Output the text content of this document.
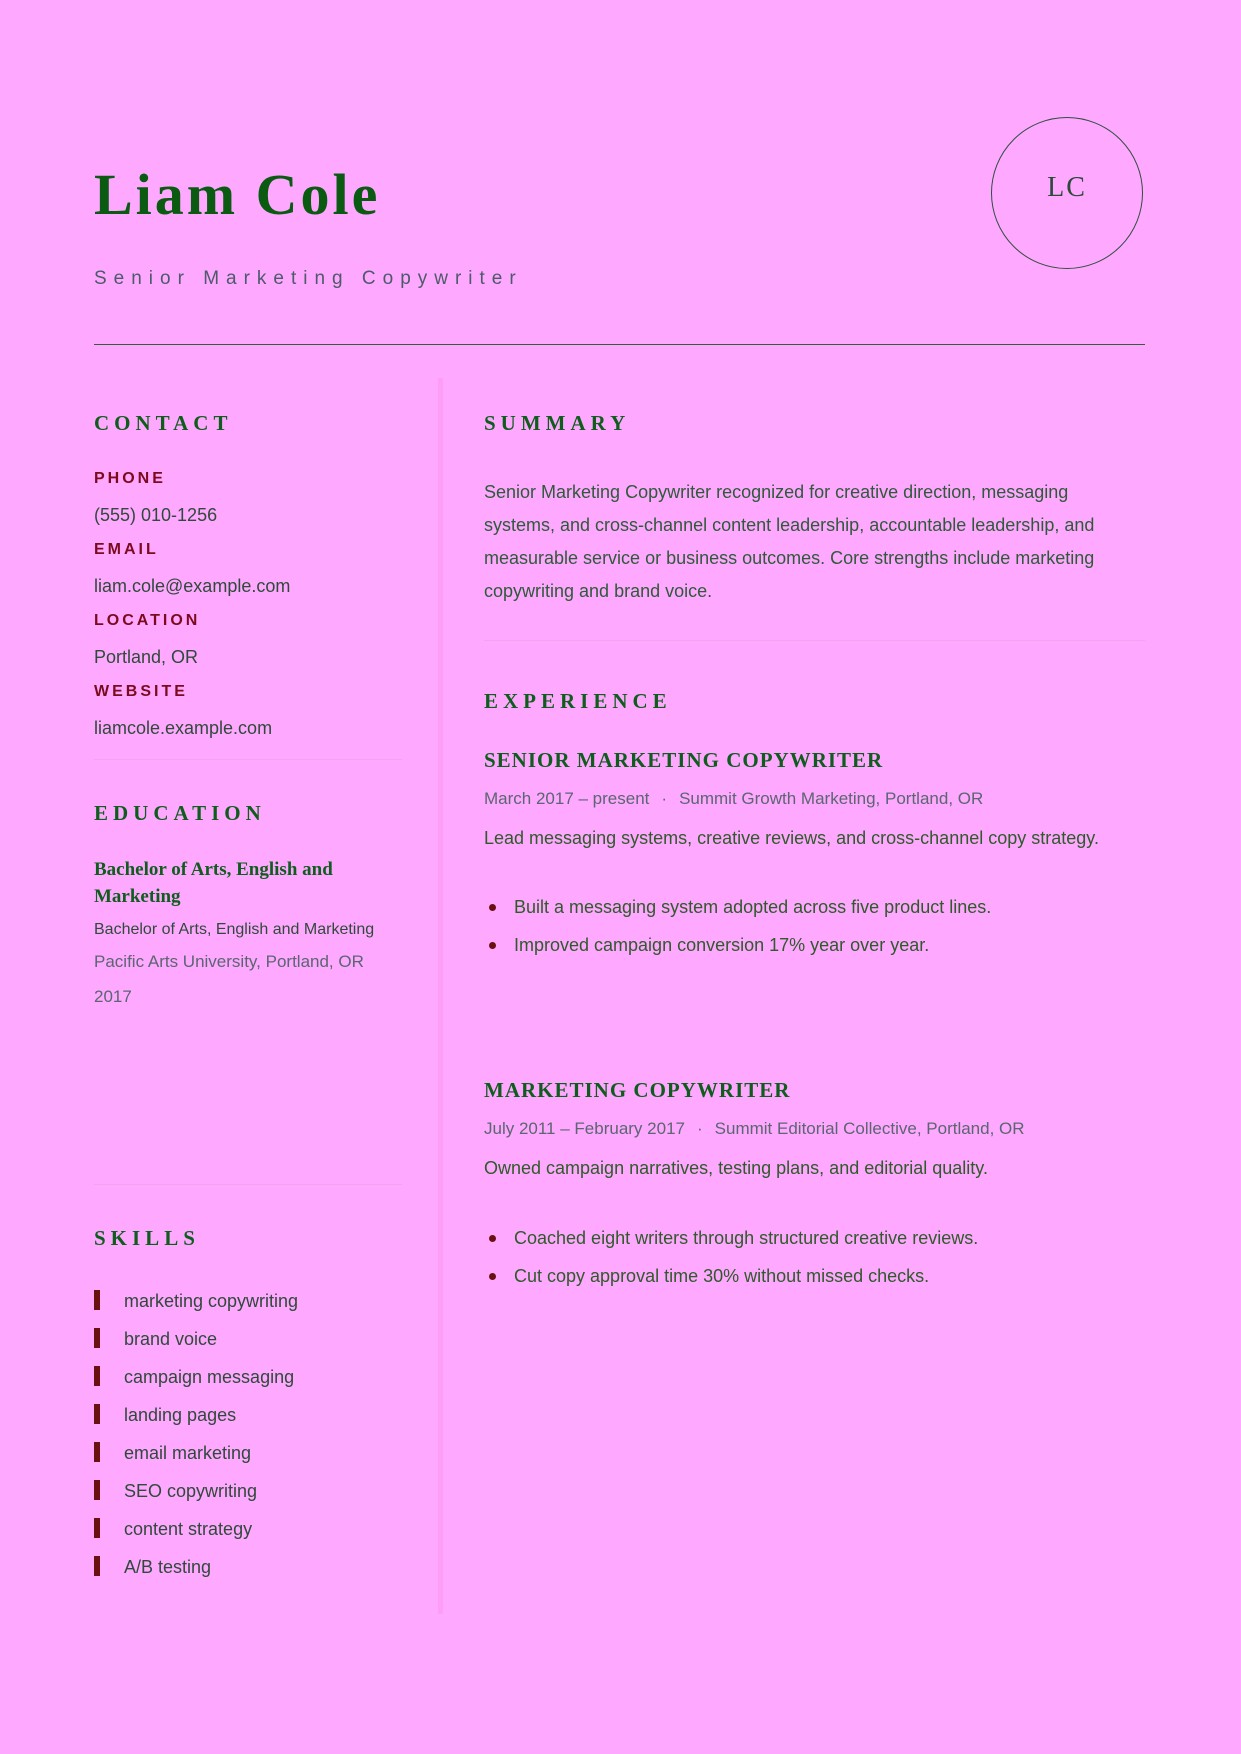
Liam Cole
Senior Marketing Copywriter
LC
CONTACT
PHONE
(555) 010-1256
EMAIL
liam.cole@example.com
LOCATION
Portland, OR
WEBSITE
liamcole.example.com
EDUCATION
Bachelor of Arts, English and Marketing
Bachelor of Arts, English and Marketing
Pacific Arts University, Portland, OR
2017
SKILLS
marketing copywriting
brand voice
campaign messaging
landing pages
email marketing
SEO copywriting
content strategy
A/B testing
SUMMARY

Senior Marketing Copywriter recognized for creative direction, messaging systems, and cross-channel content leadership, accountable leadership, and measurable service or business outcomes. Core strengths include marketing copywriting and brand voice.

EXPERIENCE
SENIOR MARKETING COPYWRITER
March 2017 – present · Summit Growth Marketing, Portland, OR
Lead messaging systems, creative reviews, and cross-channel copy strategy.
Built a messaging system adopted across five product lines.
Improved campaign conversion 17% year over year.
MARKETING COPYWRITER
July 2011 – February 2017 · Summit Editorial Collective, Portland, OR
Owned campaign narratives, testing plans, and editorial quality.
Coached eight writers through structured creative reviews.
Cut copy approval time 30% without missed checks.
